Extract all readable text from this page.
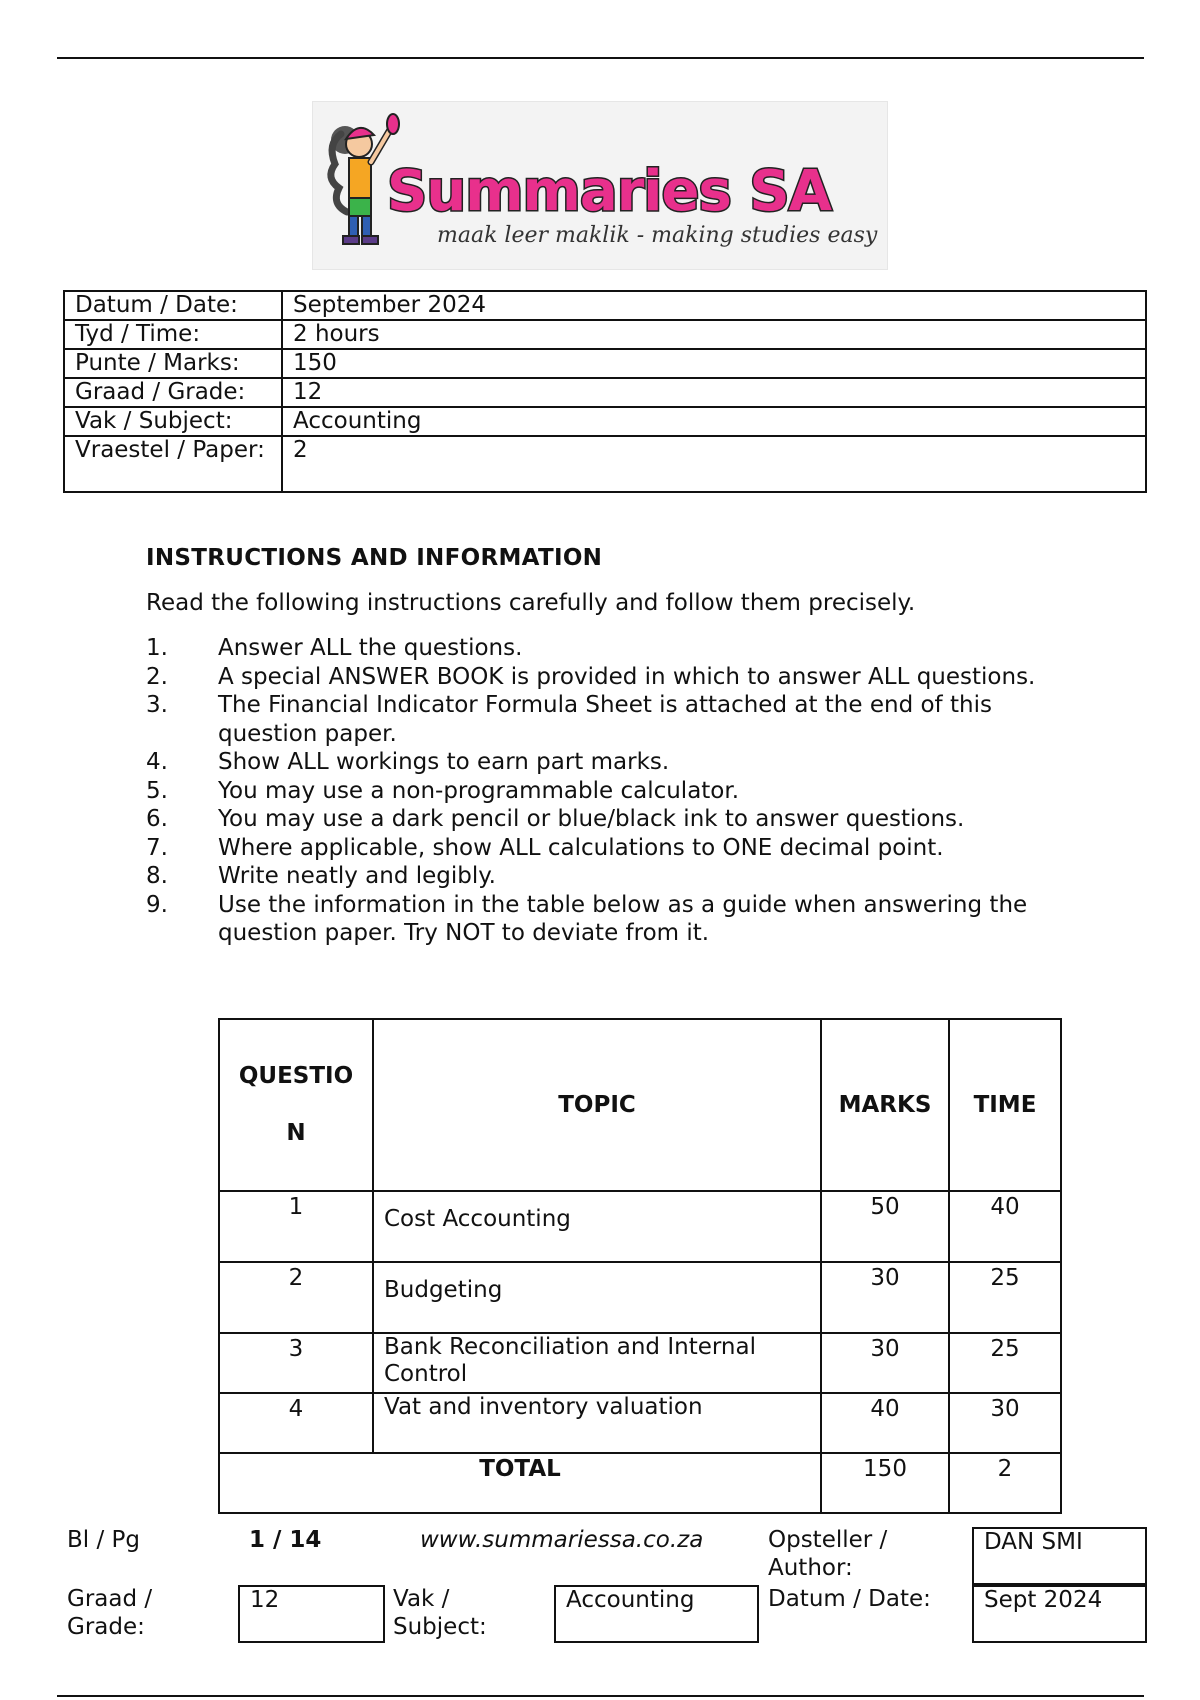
Summaries SA
maak leer maklik - making studies easy
Datum / Date:	September 2024
Tyd / Time:	2 hours
Punte / Marks:	150
Graad / Grade:	12
Vak / Subject:	Accounting
Vraestel / Paper:	2
INSTRUCTIONS AND INFORMATION
Read the following instructions carefully and follow them precisely.
1.	Answer ALL the questions.
2.	A special ANSWER BOOK is provided in which to answer ALL questions.
3.	The Financial Indicator Formula Sheet is attached at the end of this question paper.
4.	Show ALL workings to earn part marks.
5.	You may use a non-programmable calculator.
6.	You may use a dark pencil or blue/black ink to answer questions.
7.	Where applicable, show ALL calculations to ONE decimal point.
8.	Write neatly and legibly.
9.	Use the information in the table below as a guide when answering the question paper. Try NOT to deviate from it.
QUESTIO
N	TOPIC	MARKS	TIME
1	Cost Accounting	50	40
2	Budgeting	30	25
3	Bank Reconciliation and Internal Control	30	25
4	Vat and inventory valuation	40	30
TOTAL		150	2
Bl / Pg	1 / 14	www.summariessa.co.za	Opsteller / Author:
DAN SMI
Graad / Grade:
12	Vak / Subject:
Accounting	Datum / Date:	Sept 2024
